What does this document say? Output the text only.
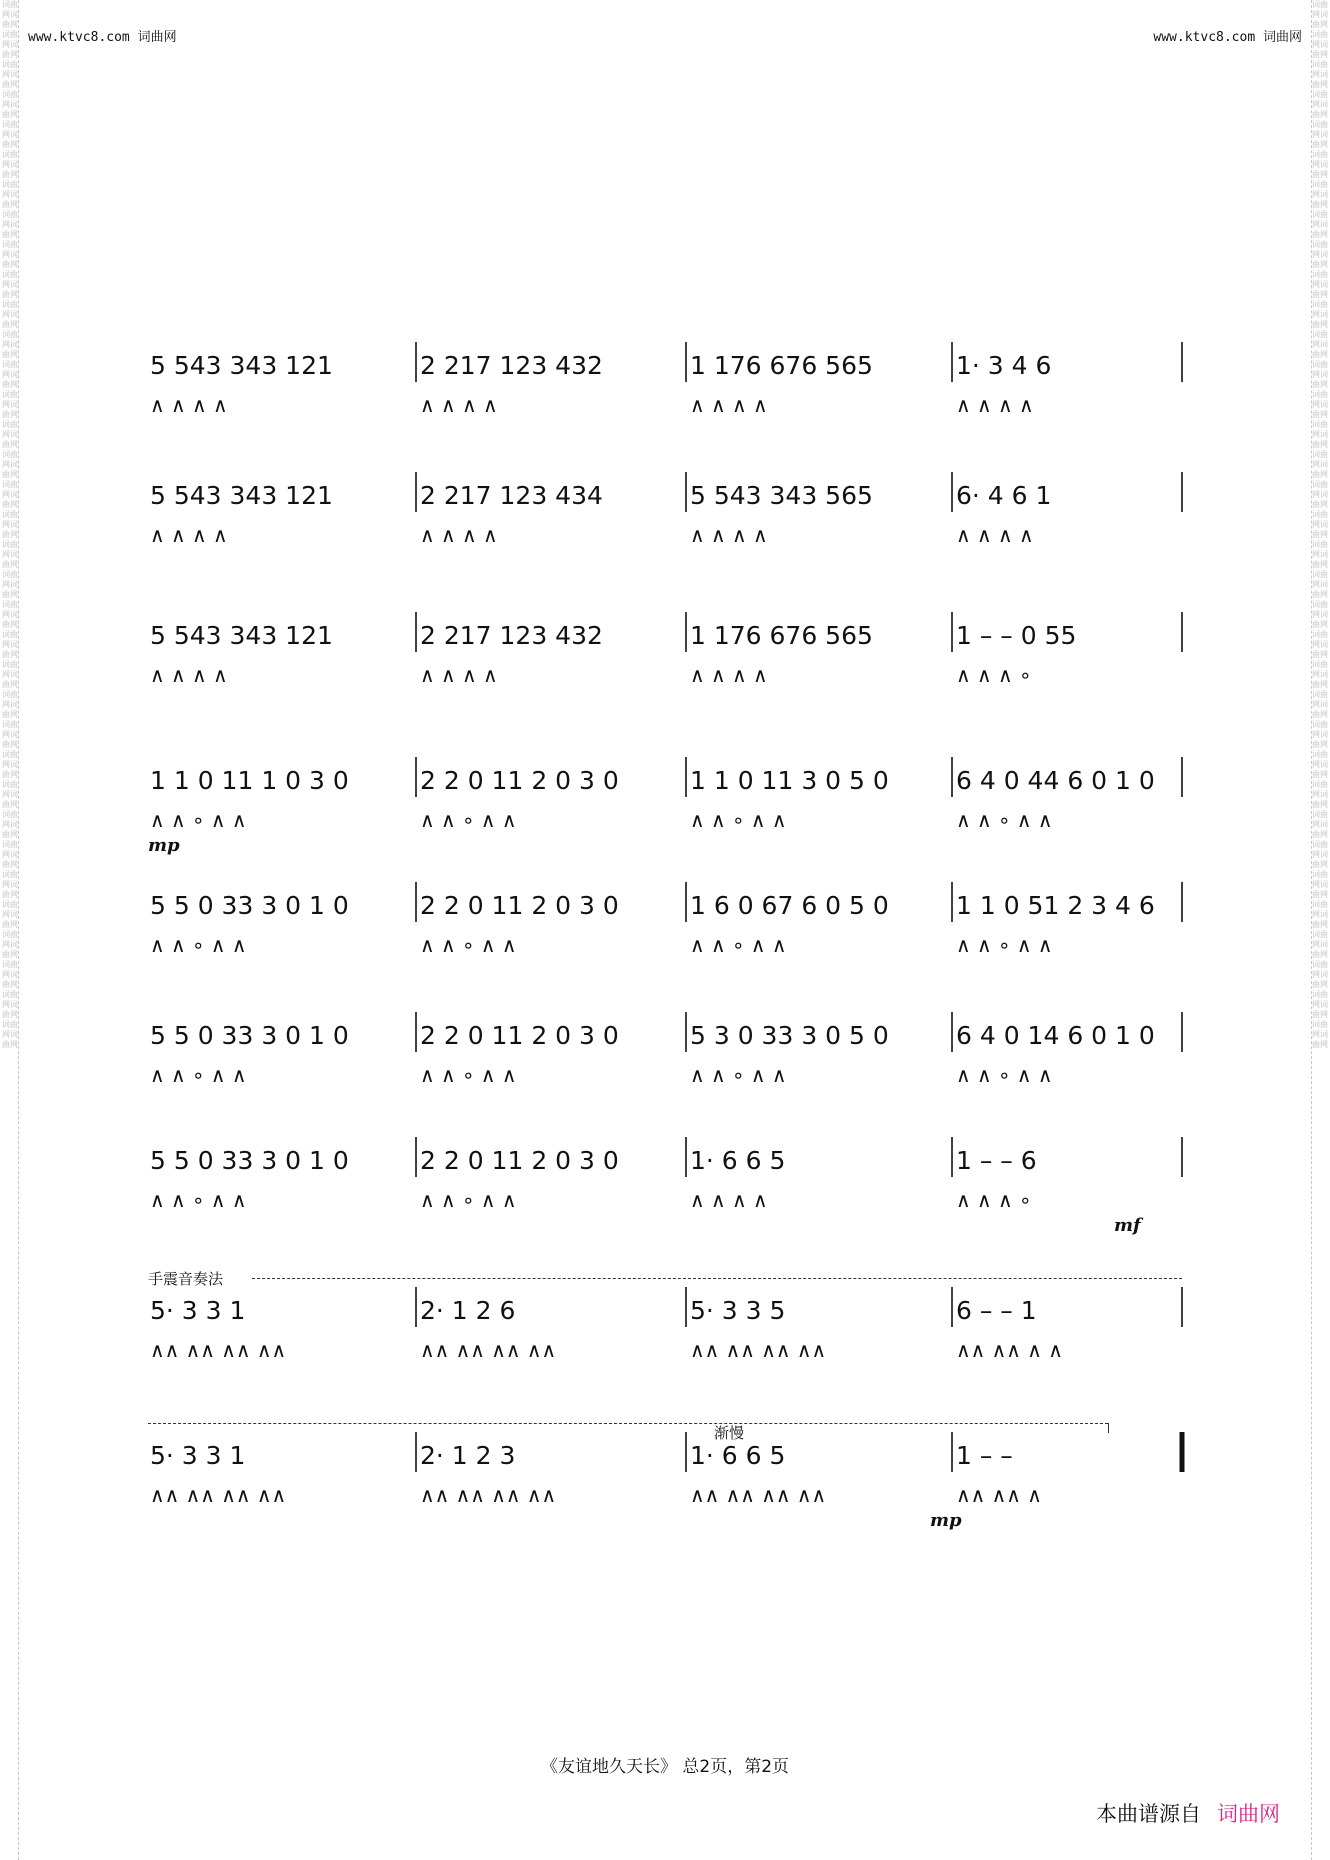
词曲网词曲网词曲网词曲网词曲网词曲网词曲网词曲网词曲网词曲网词曲网词曲网词曲网词曲网词曲网词曲网词曲网词曲网词曲网词曲网词曲网词曲网词曲网词曲网词曲网词曲网词曲网词曲网词曲网词曲网词曲网词曲网词曲网词曲网词曲网词曲网词曲网词曲网词曲网词曲网词曲网词曲网词曲网词曲网词曲网词曲网词曲网词曲网词曲网词曲网词曲网词曲网词曲网词曲网词曲网词曲网词曲网词曲网词曲网词曲网词曲网词曲网词曲网词曲网词曲网词曲网词曲网词曲网词曲网词曲网
词曲网词曲网词曲网词曲网词曲网词曲网词曲网词曲网词曲网词曲网词曲网词曲网词曲网词曲网词曲网词曲网词曲网词曲网词曲网词曲网词曲网词曲网词曲网词曲网词曲网词曲网词曲网词曲网词曲网词曲网词曲网词曲网词曲网词曲网词曲网词曲网词曲网词曲网词曲网词曲网词曲网词曲网词曲网词曲网词曲网词曲网词曲网词曲网词曲网词曲网词曲网词曲网词曲网词曲网词曲网词曲网词曲网词曲网词曲网词曲网词曲网词曲网词曲网词曲网词曲网词曲网词曲网词曲网词曲网词曲网
www.ktvc8.com 词曲网	www.ktvc8.com 词曲网
5 543 343 121
∧ ∧ ∧ ∧
2 217 123 432
∧ ∧ ∧ ∧
1 176 676 565
∧ ∧ ∧ ∧
1· 3 4 6
∧ ∧ ∧ ∧
5 543 343 121
∧ ∧ ∧ ∧
2 217 123 434
∧ ∧ ∧ ∧
5 543 343 565
∧ ∧ ∧ ∧
6· 4 6 1
∧ ∧ ∧ ∧
5 543 343 121
∧ ∧ ∧ ∧
2 217 123 432
∧ ∧ ∧ ∧
1 176 676 565
∧ ∧ ∧ ∧
1 – – 0 55
∧ ∧ ∧ ∘
1 1 0 11 1 0 3 0
∧ ∧ ∘ ∧ ∧
2 2 0 11 2 0 3 0
∧ ∧ ∘ ∧ ∧
1 1 0 11 3 0 5 0
∧ ∧ ∘ ∧ ∧
6 4 0 44 6 0 1 0
∧ ∧ ∘ ∧ ∧
mp
5 5 0 33 3 0 1 0
∧ ∧ ∘ ∧ ∧
2 2 0 11 2 0 3 0
∧ ∧ ∘ ∧ ∧
1 6 0 67 6 0 5 0
∧ ∧ ∘ ∧ ∧
1 1 0 51 2 3 4 6
∧ ∧ ∘ ∧ ∧
5 5 0 33 3 0 1 0
∧ ∧ ∘ ∧ ∧
2 2 0 11 2 0 3 0
∧ ∧ ∘ ∧ ∧
5 3 0 33 3 0 5 0
∧ ∧ ∘ ∧ ∧
6 4 0 14 6 0 1 0
∧ ∧ ∘ ∧ ∧
5 5 0 33 3 0 1 0
∧ ∧ ∘ ∧ ∧
2 2 0 11 2 0 3 0
∧ ∧ ∘ ∧ ∧
1· 6 6 5
∧ ∧ ∧ ∧
1 – – 6
∧ ∧ ∧ ∘
mf
5· 3 3 1
∧∧ ∧∧ ∧∧ ∧∧
2· 1 2 6
∧∧ ∧∧ ∧∧ ∧∧
5· 3 3 5
∧∧ ∧∧ ∧∧ ∧∧
6 – – 1
∧∧ ∧∧ ∧ ∧
5· 3 3 1
∧∧ ∧∧ ∧∧ ∧∧
2· 1 2 3
∧∧ ∧∧ ∧∧ ∧∧
1· 6 6 5
∧∧ ∧∧ ∧∧ ∧∧
1 – –
∧∧ ∧∧ ∧
mp
手震音奏法
渐慢
《友谊地久天长》 总2页，第2页
本曲谱源自 词曲网
